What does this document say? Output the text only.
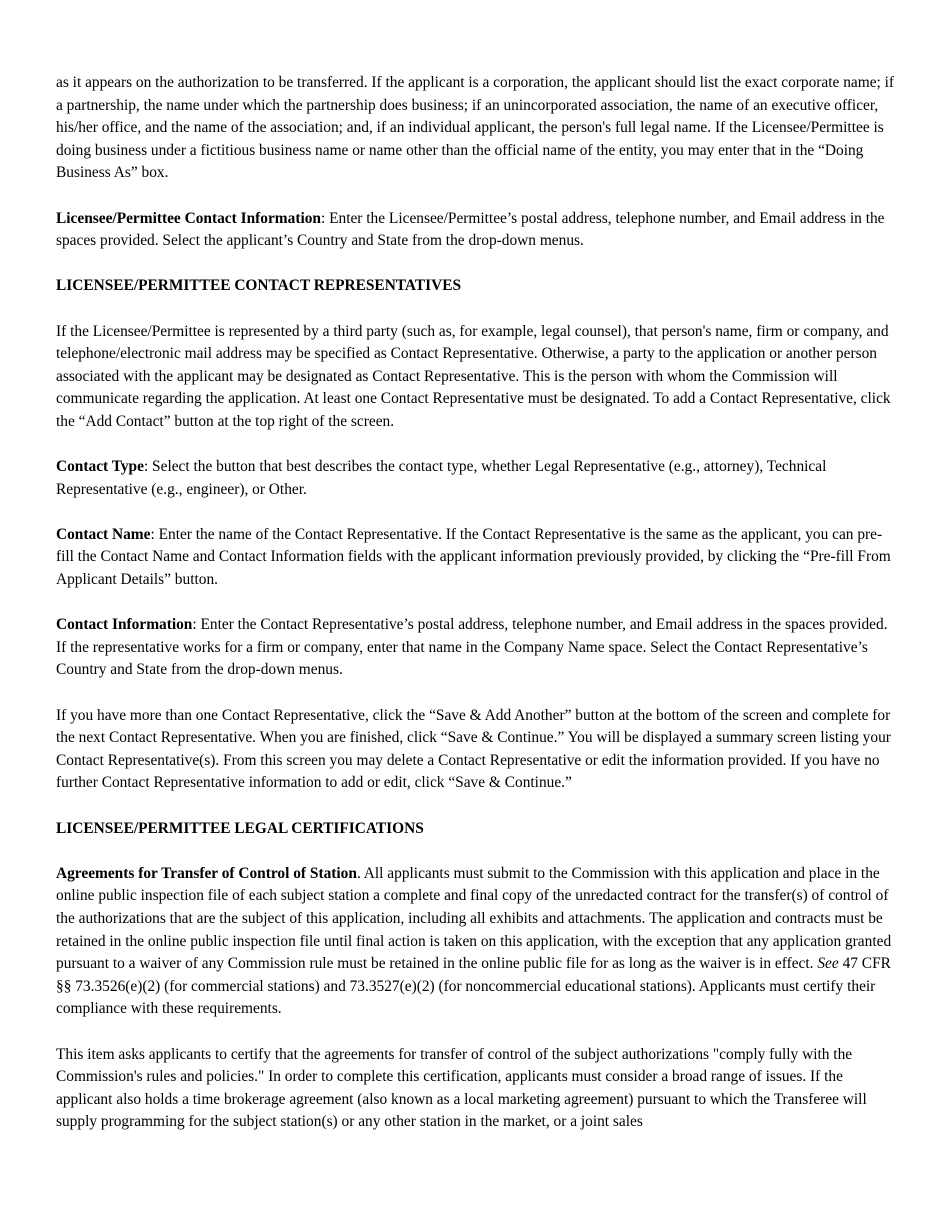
as it appears on the authorization to be transferred. If the applicant is a corporation, the applicant should list the exact corporate name; if a partnership, the name under which the partnership does business; if an unincorporated association, the name of an executive officer, his/her office, and the name of the association; and, if an individual applicant, the person's full legal name. If the Licensee/Permittee is doing business under a fictitious business name or name other than the official name of the entity, you may enter that in the “Doing Business As” box.

Licensee/Permittee Contact Information: Enter the Licensee/Permittee’s postal address, telephone number, and Email address in the spaces provided. Select the applicant’s Country and State from the drop-down menus.

LICENSEE/PERMITTEE CONTACT REPRESENTATIVES

If the Licensee/Permittee is represented by a third party (such as, for example, legal counsel), that person's name, firm or company, and telephone/electronic mail address may be specified as Contact Representative. Otherwise, a party to the application or another person associated with the applicant may be designated as Contact Representative. This is the person with whom the Commission will communicate regarding the application. At least one Contact Representative must be designated. To add a Contact Representative, click the “Add Contact” button at the top right of the screen.

Contact Type: Select the button that best describes the contact type, whether Legal Representative (e.g., attorney), Technical Representative (e.g., engineer), or Other.

Contact Name: Enter the name of the Contact Representative. If the Contact Representative is the same as the applicant, you can pre-fill the Contact Name and Contact Information fields with the applicant information previously provided, by clicking the “Pre-fill From Applicant Details” button.

Contact Information: Enter the Contact Representative’s postal address, telephone number, and Email address in the spaces provided. If the representative works for a firm or company, enter that name in the Company Name space. Select the Contact Representative’s Country and State from the drop-down menus.

If you have more than one Contact Representative, click the “Save & Add Another” button at the bottom of the screen and complete for the next Contact Representative. When you are finished, click “Save & Continue.” You will be displayed a summary screen listing your Contact Representative(s). From this screen you may delete a Contact Representative or edit the information provided. If you have no further Contact Representative information to add or edit, click “Save & Continue.”

LICENSEE/PERMITTEE LEGAL CERTIFICATIONS

Agreements for Transfer of Control of Station. All applicants must submit to the Commission with this application and place in the online public inspection file of each subject station a complete and final copy of the unredacted contract for the transfer(s) of control of the authorizations that are the subject of this application, including all exhibits and attachments. The application and contracts must be retained in the online public inspection file until final action is taken on this application, with the exception that any application granted pursuant to a waiver of any Commission rule must be retained in the online public file for as long as the waiver is in effect. See 47 CFR §§ 73.3526(e)(2) (for commercial stations) and 73.3527(e)(2) (for noncommercial educational stations). Applicants must certify their compliance with these requirements.

This item asks applicants to certify that the agreements for transfer of control of the subject authorizations "comply fully with the Commission's rules and policies." In order to complete this certification, applicants must consider a broad range of issues. If the applicant also holds a time brokerage agreement (also known as a local marketing agreement) pursuant to which the Transferee will supply programming for the subject station(s) or any other station in the market, or a joint sales
